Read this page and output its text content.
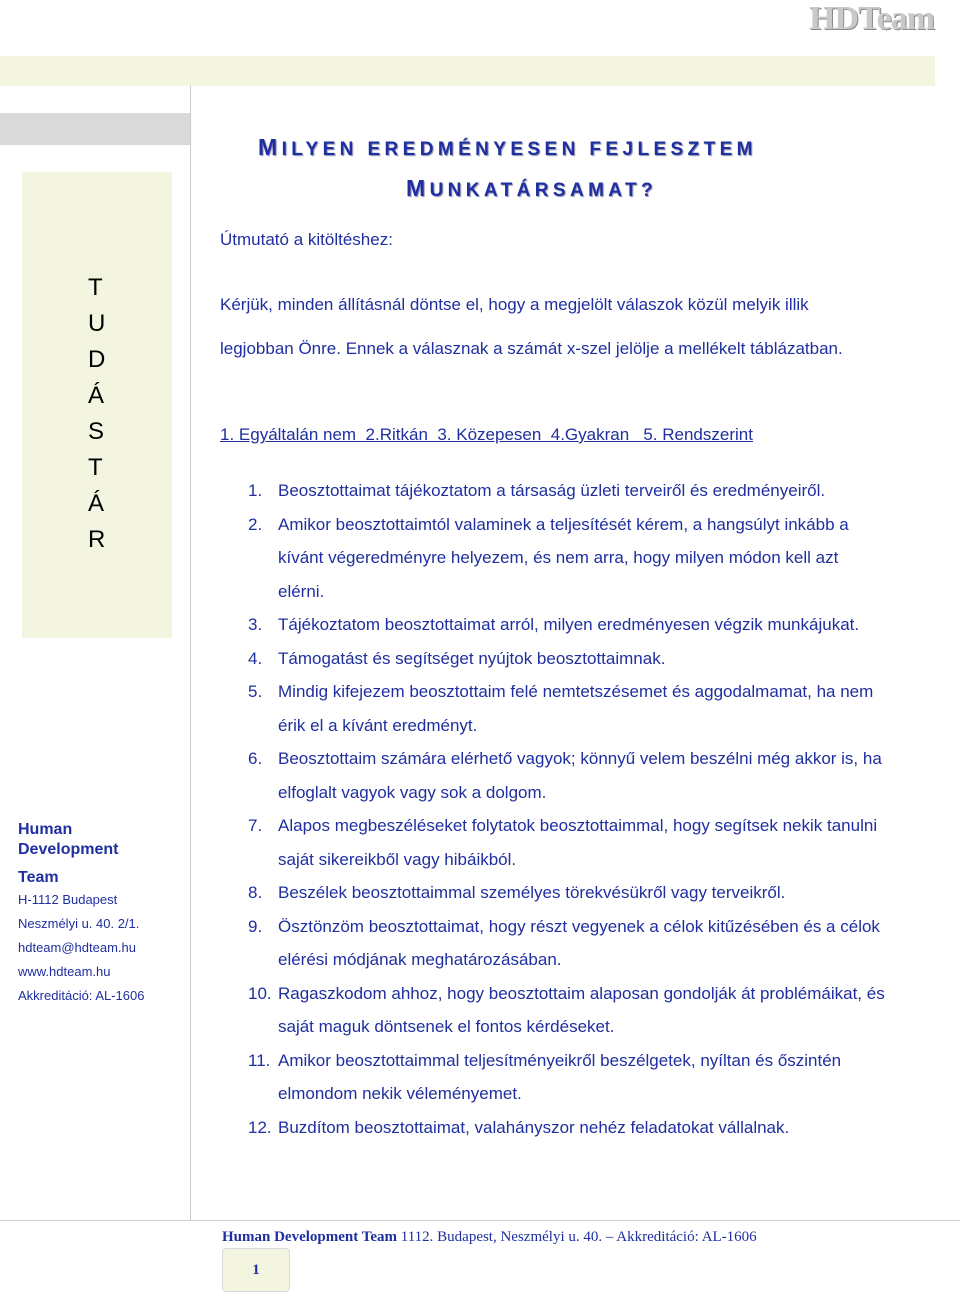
HDTeam
MILYEN EREDMÉNYESEN FEJLESZTEM
MUNKATÁRSAMAT?
T
U
D
Á
S
T
Á
R
Human
Development
Team
H-1112 Budapest
Neszmélyi u. 40. 2/1.
hdteam@hdteam.hu
www.hdteam.hu
Akkreditáció: AL-1606
Útmutató a kitöltéshez:
Kérjük, minden állításnál döntse el, hogy a megjelölt válaszok közül melyik illik legjobban Önre. Ennek a válasznak a számát x-szel jelölje a mellékelt táblázatban.
1. Egyáltalán nem  2.Ritkán  3. Közepesen  4.Gyakran   5. Rendszerint
1. Beosztottaimat tájékoztatom a társaság üzleti terveiről és eredményeiről.
2. Amikor beosztottaimtól valaminek a teljesítését kérem, a hangsúlyt inkább a kívánt végeredményre helyezem, és nem arra, hogy milyen módon kell azt elérni.
3. Tájékoztatom beosztottaimat arról, milyen eredményesen végzik munkájukat.
4. Támogatást és segítséget nyújtok beosztottaimnak.
5. Mindig kifejezem beosztottaim felé nemtetszésemet és aggodalmamat, ha nem érik el a kívánt eredményt.
6. Beosztottaim számára elérhető vagyok; könnyű velem beszélni még akkor is, ha elfoglalt vagyok vagy sok a dolgom.
7. Alapos megbeszéléseket folytatok beosztottaimmal, hogy segítsek nekik tanulni saját sikereikből vagy hibáikból.
8. Beszélek beosztottaimmal személyes törekvésükről vagy terveikről.
9. Ösztönzöm beosztottaimat, hogy részt vegyenek a célok kitűzésében és a célok elérési módjának meghatározásában.
10. Ragaszkodom ahhoz, hogy beosztottaim alaposan gondolják át problémáikat, és saját maguk döntsenek el fontos kérdéseket.
11. Amikor beosztottaimmal teljesítményeikről beszélgetek, nyíltan és őszintén elmondom nekik véleményemet.
12. Buzdítom beosztottaimat, valahányszor nehéz feladatokat vállalnak.
Human Development Team 1112. Budapest, Neszmélyi u. 40. – Akkreditáció: AL-1606
1
